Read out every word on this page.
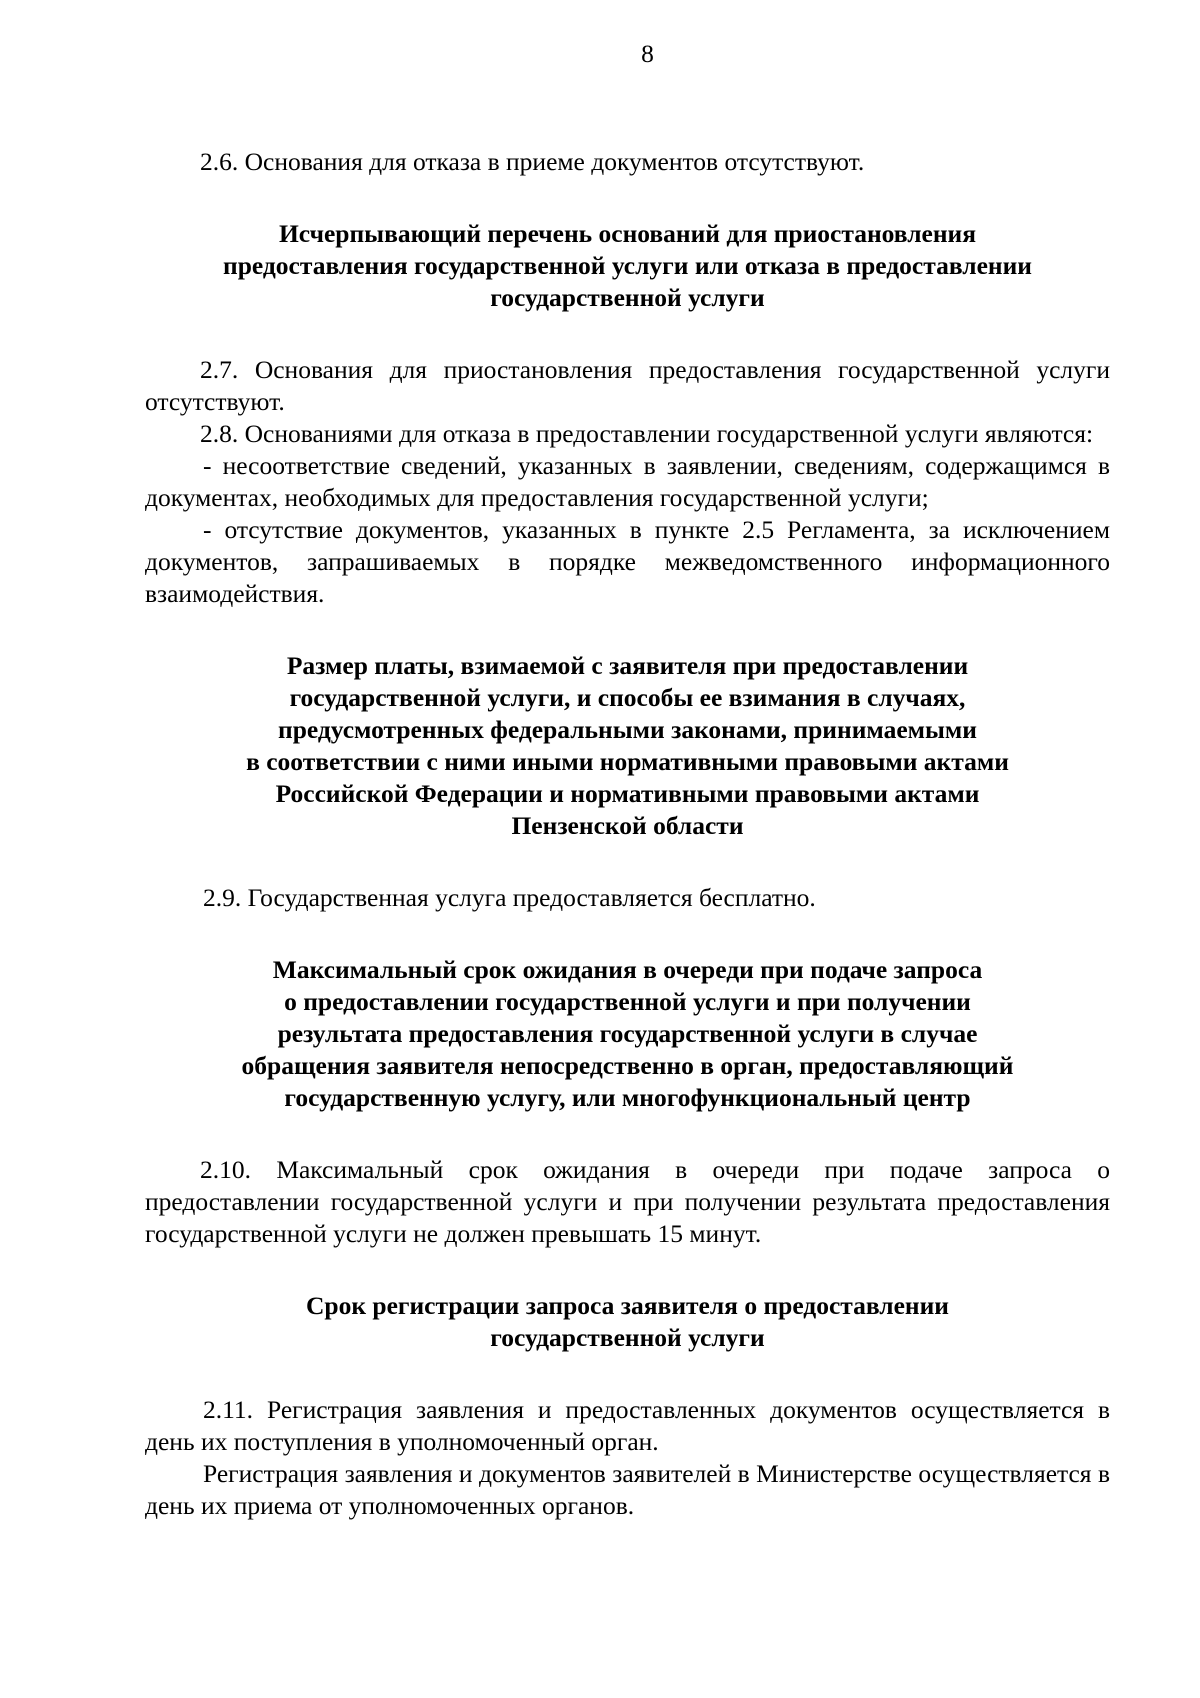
8

2.6. Основания для отказа в приеме документов отсутствуют.

Исчерпывающий перечень оснований для приостановления
предоставления государственной услуги или отказа в предоставлении
государственной услуги

2.7. Основания для приостановления предоставления государственной услуги отсутствуют.

2.8. Основаниями для отказа в предоставлении государственной услуги являются:

- несоответствие сведений, указанных в заявлении, сведениям, содержащимся в документах, необходимых для предоставления государственной услуги;

- отсутствие документов, указанных в пункте 2.5 Регламента, за исключением документов, запрашиваемых в порядке межведомственного информационного взаимодействия.

Размер платы, взимаемой с заявителя при предоставлении
государственной услуги, и способы ее взимания в случаях,
предусмотренных федеральными законами, принимаемыми
в соответствии с ними иными нормативными правовыми актами
Российской Федерации и нормативными правовыми актами
Пензенской области

2.9. Государственная услуга предоставляется бесплатно.

Максимальный срок ожидания в очереди при подаче запроса
о предоставлении государственной услуги и при получении
результата предоставления государственной услуги в случае
обращения заявителя непосредственно в орган, предоставляющий
государственную услугу, или многофункциональный центр

2.10. Максимальный срок ожидания в очереди при подаче запроса о предоставлении государственной услуги и при получении результата предоставления государственной услуги не должен превышать 15 минут.

Срок регистрации запроса заявителя о предоставлении
государственной услуги

2.11. Регистрация заявления и предоставленных документов осуществляется в день их поступления в уполномоченный орган.

Регистрация заявления и документов заявителей в Министерстве осуществляется в день их приема от уполномоченных органов.
